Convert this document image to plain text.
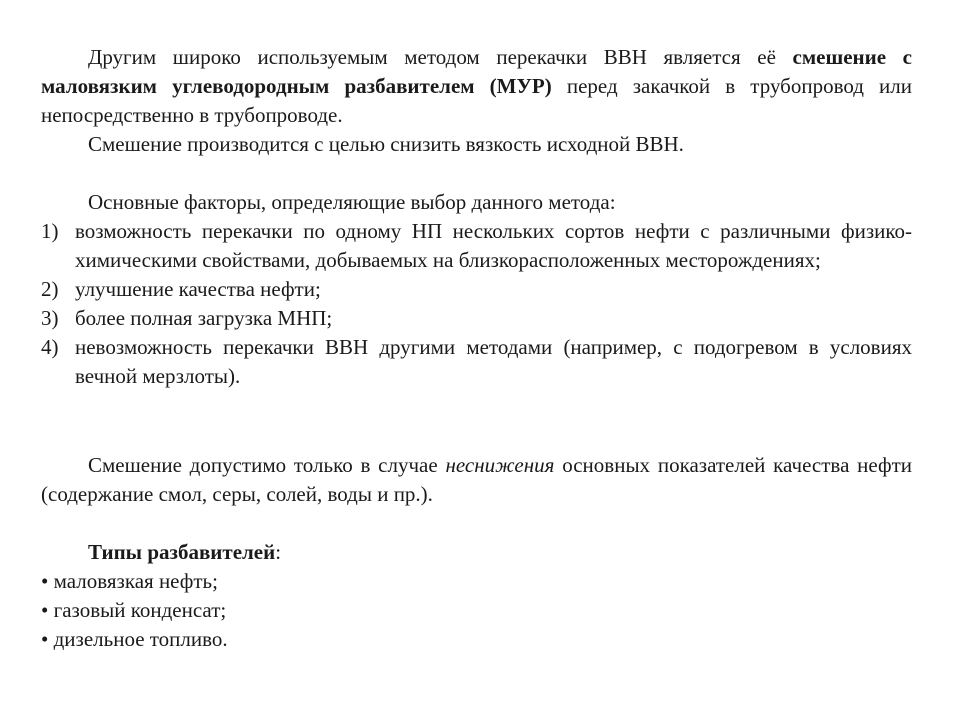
Другим широко используемым методом перекачки ВВН является её смешение с маловязким углеводородным разбавителем (МУР) перед закачкой в трубопровод или непосредственно в трубопроводе.

Смешение производится с целью снизить вязкость исходной ВВН.

Основные факторы, определяющие выбор данного метода:

1) возможность перекачки по одному НП нескольких сортов нефти с различными физико-химическими свойствами, добываемых на близкорасположенных месторождениях;
2) улучшение качества нефти;
3) более полная загрузка МНП;
4) невозможность перекачки ВВН другими методами (например, с подогревом в условиях вечной мерзлоты).

Смешение допустимо только в случае неснижения основных показателей качества нефти (содержание смол, серы, солей, воды и пр.).

Типы разбавителей:

• маловязкая нефть;
• газовый конденсат;
• дизельное топливо.
